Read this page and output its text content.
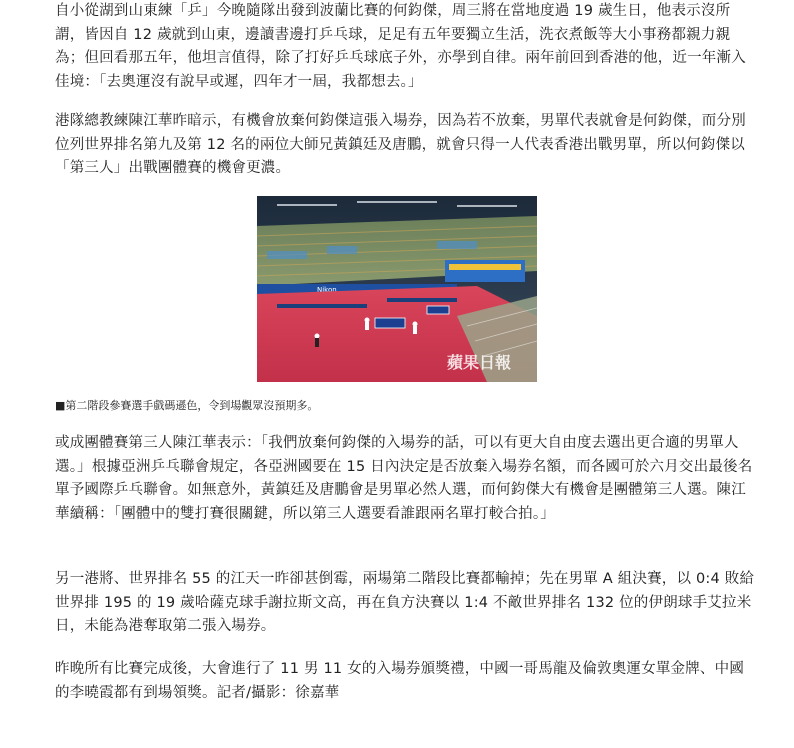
自小從湖到山東練「乒」今晚隨隊出發到波蘭比賽的何鈞傑，周三將在當地度過 19 歲生日，他表示沒所謂，皆因自 12 歲就到山東，邊讀書邊打乒乓球，足足有五年要獨立生活，洗衣煮飯等大小事務都親力親為；但回看那五年，他坦言值得，除了打好乒乓球底子外，亦學到自律。兩年前回到香港的他，近一年漸入佳境：「去奧運沒有說早或遲，四年才一屆，我都想去。」

港隊總教練陳江華昨暗示，有機會放棄何鈞傑這張入場券，因為若不放棄，男單代表就會是何鈞傑，而分別位列世界排名第九及第 12 名的兩位大師兄黃鎮廷及唐鵬，就會只得一人代表香港出戰男單，所以何鈞傑以「第三人」出戰團體賽的機會更濃。

Nikon
蘋果日報

■第二階段參賽選手戲碼遜色，令到場觀眾沒預期多。

或成團體賽第三人陳江華表示：「我們放棄何鈞傑的入場券的話，可以有更大自由度去選出更合適的男單人選。」根據亞洲乒乓聯會規定，各亞洲國要在 15 日內決定是否放棄入場券名額，而各國可於六月交出最後名單予國際乒乓聯會。如無意外，黃鎮廷及唐鵬會是男單必然人選，而何鈞傑大有機會是團體第三人選。陳江華續稱：「團體中的雙打賽很關鍵，所以第三人選要看誰跟兩名單打較合拍。」

另一港將、世界排名 55 的江天一昨卻甚倒霉，兩場第二階段比賽都輸掉；先在男單 A 組決賽，以 0:4 敗給世界排 195 的 19 歲哈薩克球手謝拉斯文高，再在負方決賽以 1:4 不敵世界排名 132 位的伊朗球手艾拉米日，未能為港奪取第二張入場券。

昨晚所有比賽完成後，大會進行了 11 男 11 女的入場券頒獎禮，中國一哥馬龍及倫敦奧運女單金牌、中國的李曉霞都有到場領獎。記者/攝影：徐嘉華
